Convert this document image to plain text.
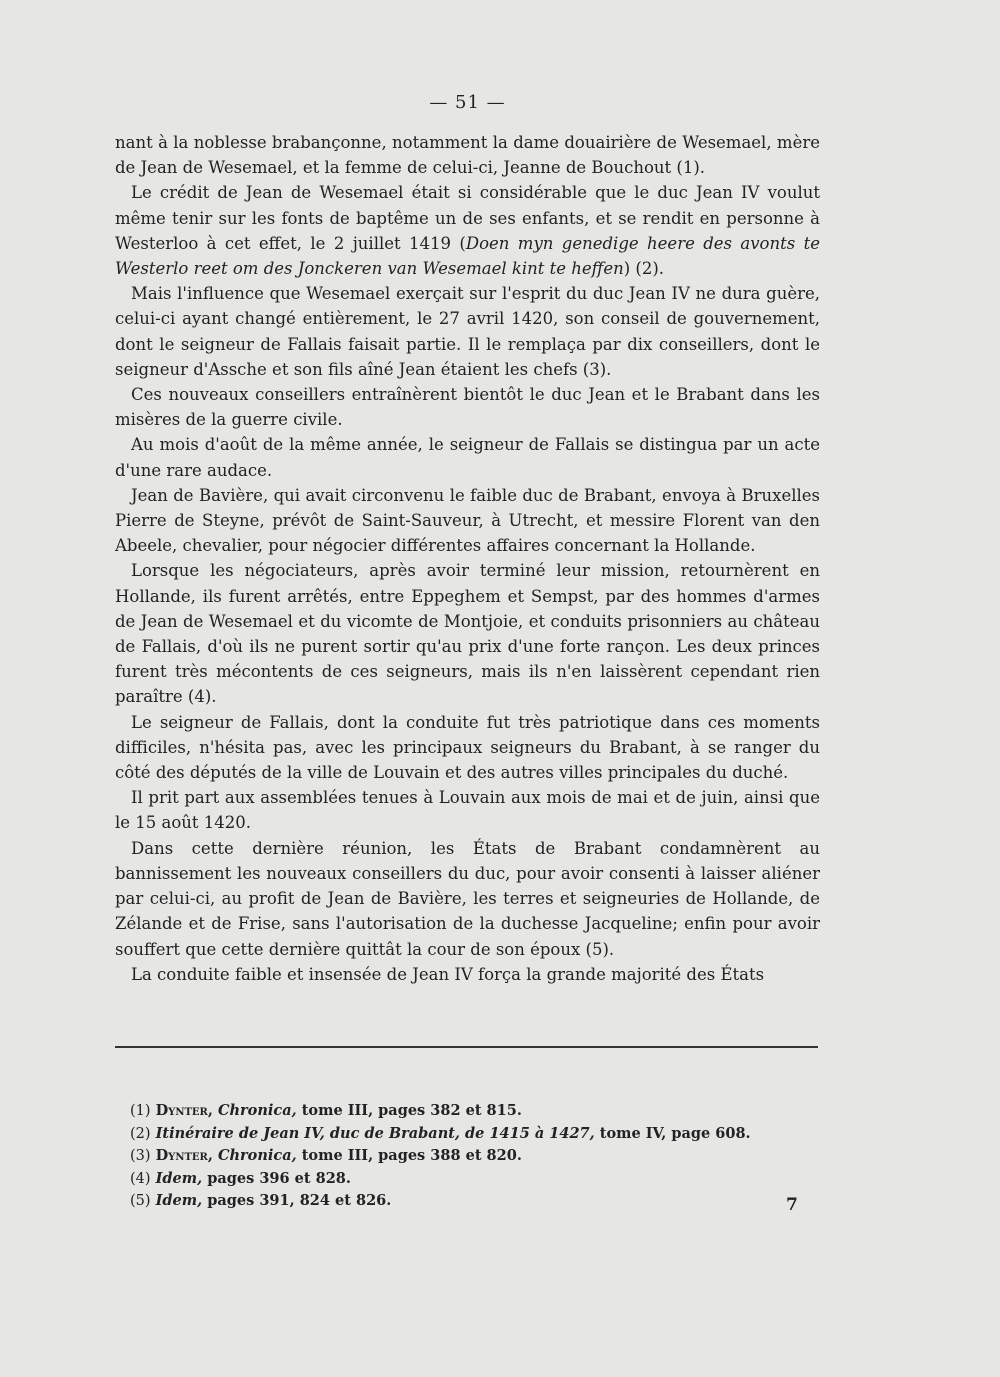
— 51 —

nant à la noblesse brabançonne, notamment la dame douairière de Wesemael, mère de Jean de Wesemael, et la femme de celui-ci, Jeanne de Bouchout (1).

Le crédit de Jean de Wesemael était si considérable que le duc Jean IV voulut même tenir sur les fonts de baptême un de ses enfants, et se rendit en personne à Westerloo à cet effet, le 2 juillet 1419 (Doen myn genedige heere des avonts te Westerlo reet om des Jonckeren van Wesemael kint te heffen) (2).

Mais l'influence que Wesemael exerçait sur l'esprit du duc Jean IV ne dura guère, celui-ci ayant changé entièrement, le 27 avril 1420, son conseil de gouvernement, dont le seigneur de Fallais faisait partie. Il le remplaça par dix conseillers, dont le seigneur d'Assche et son fils aîné Jean étaient les chefs (3).

Ces nouveaux conseillers entraînèrent bientôt le duc Jean et le Brabant dans les misères de la guerre civile.

Au mois d'août de la même année, le seigneur de Fallais se distingua par un acte d'une rare audace.

Jean de Bavière, qui avait circonvenu le faible duc de Brabant, envoya à Bruxelles Pierre de Steyne, prévôt de Saint-Sauveur, à Utrecht, et messire Florent van den Abeele, chevalier, pour négocier différentes affaires concernant la Hollande.

Lorsque les négociateurs, après avoir terminé leur mission, retournèrent en Hollande, ils furent arrêtés, entre Eppeghem et Sempst, par des hommes d'armes de Jean de Wesemael et du vicomte de Montjoie, et conduits prisonniers au château de Fallais, d'où ils ne purent sortir qu'au prix d'une forte rançon. Les deux princes furent très mécontents de ces seigneurs, mais ils n'en laissèrent cependant rien paraître (4).

Le seigneur de Fallais, dont la conduite fut très patriotique dans ces moments difficiles, n'hésita pas, avec les principaux seigneurs du Brabant, à se ranger du côté des députés de la ville de Louvain et des autres villes principales du duché.

Il prit part aux assemblées tenues à Louvain aux mois de mai et de juin, ainsi que le 15 août 1420.

Dans cette dernière réunion, les États de Brabant condamnèrent au bannissement les nouveaux conseillers du duc, pour avoir consenti à laisser aliéner par celui-ci, au profit de Jean de Bavière, les terres et seigneuries de Hollande, de Zélande et de Frise, sans l'autorisation de la duchesse Jacqueline; enfin pour avoir souffert que cette dernière quittât la cour de son époux (5).

La conduite faible et insensée de Jean IV força la grande majorité des États

(1) Dynter, Chronica, tome III, pages 382 et 815.
(2) Itinéraire de Jean IV, duc de Brabant, de 1415 à 1427, tome IV, page 608.
(3) Dynter, Chronica, tome III, pages 388 et 820.
(4) Idem, pages 396 et 828.
(5) Idem, pages 391, 824 et 826.	7
